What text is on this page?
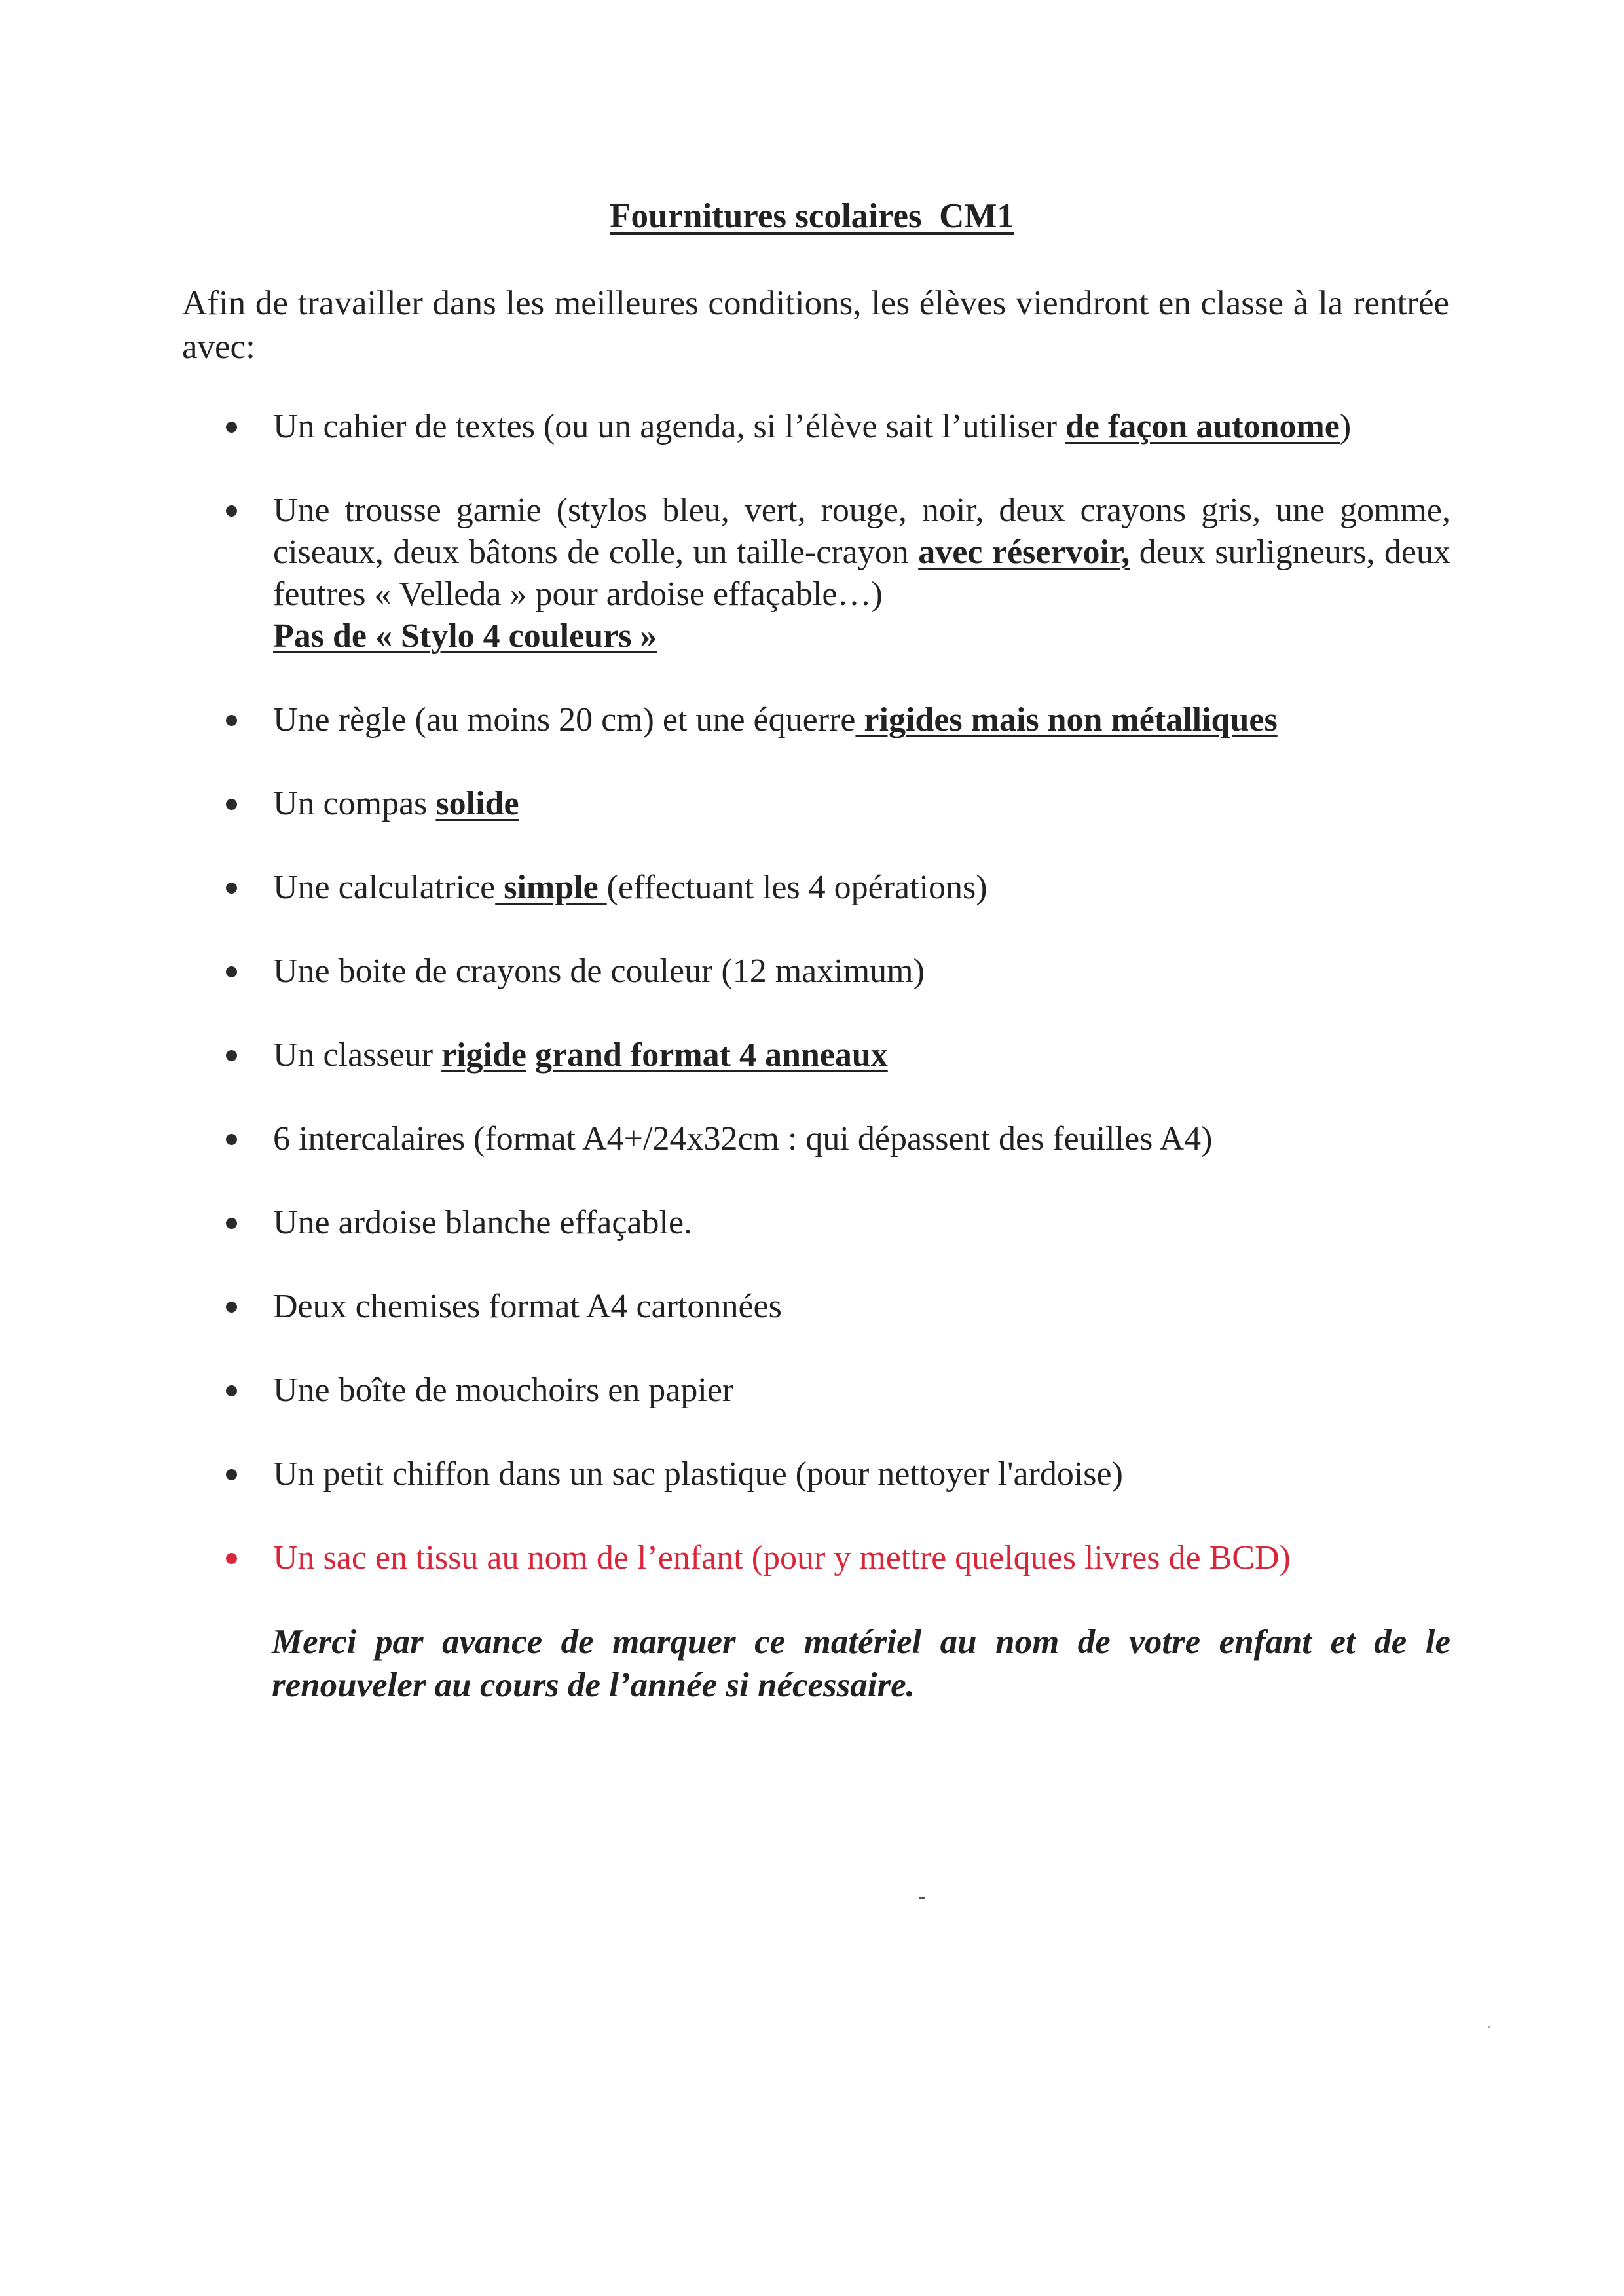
Fournitures scolaires  CM1
Afin de travailler dans les meilleures conditions, les élèves viendront en classe à la rentrée avec:
Un cahier de textes (ou un agenda, si l’élève sait l’utiliser de façon autonome)
Une trousse garnie (stylos bleu, vert, rouge, noir, deux crayons gris, une gomme, ciseaux, deux bâtons de colle, un taille-crayon avec réservoir, deux surligneurs, deux feutres « Velleda » pour ardoise effaçable…)
Pas de « Stylo 4 couleurs »
Une règle (au moins 20 cm) et une équerre rigides mais non métalliques
Un compas solide
Une calculatrice simple (effectuant les 4 opérations)
Une boite de crayons de couleur (12 maximum)
Un classeur rigide grand format 4 anneaux
6 intercalaires (format A4+/24x32cm : qui dépassent des feuilles A4)
Une ardoise blanche effaçable.
Deux chemises format A4 cartonnées
Une boîte de mouchoirs en papier
Un petit chiffon dans un sac plastique (pour nettoyer l'ardoise)
Un sac en tissu au nom de l’enfant (pour y mettre quelques livres de BCD)
Merci par avance de marquer ce matériel au nom de votre enfant et de le renouveler au cours de l’année si nécessaire.
